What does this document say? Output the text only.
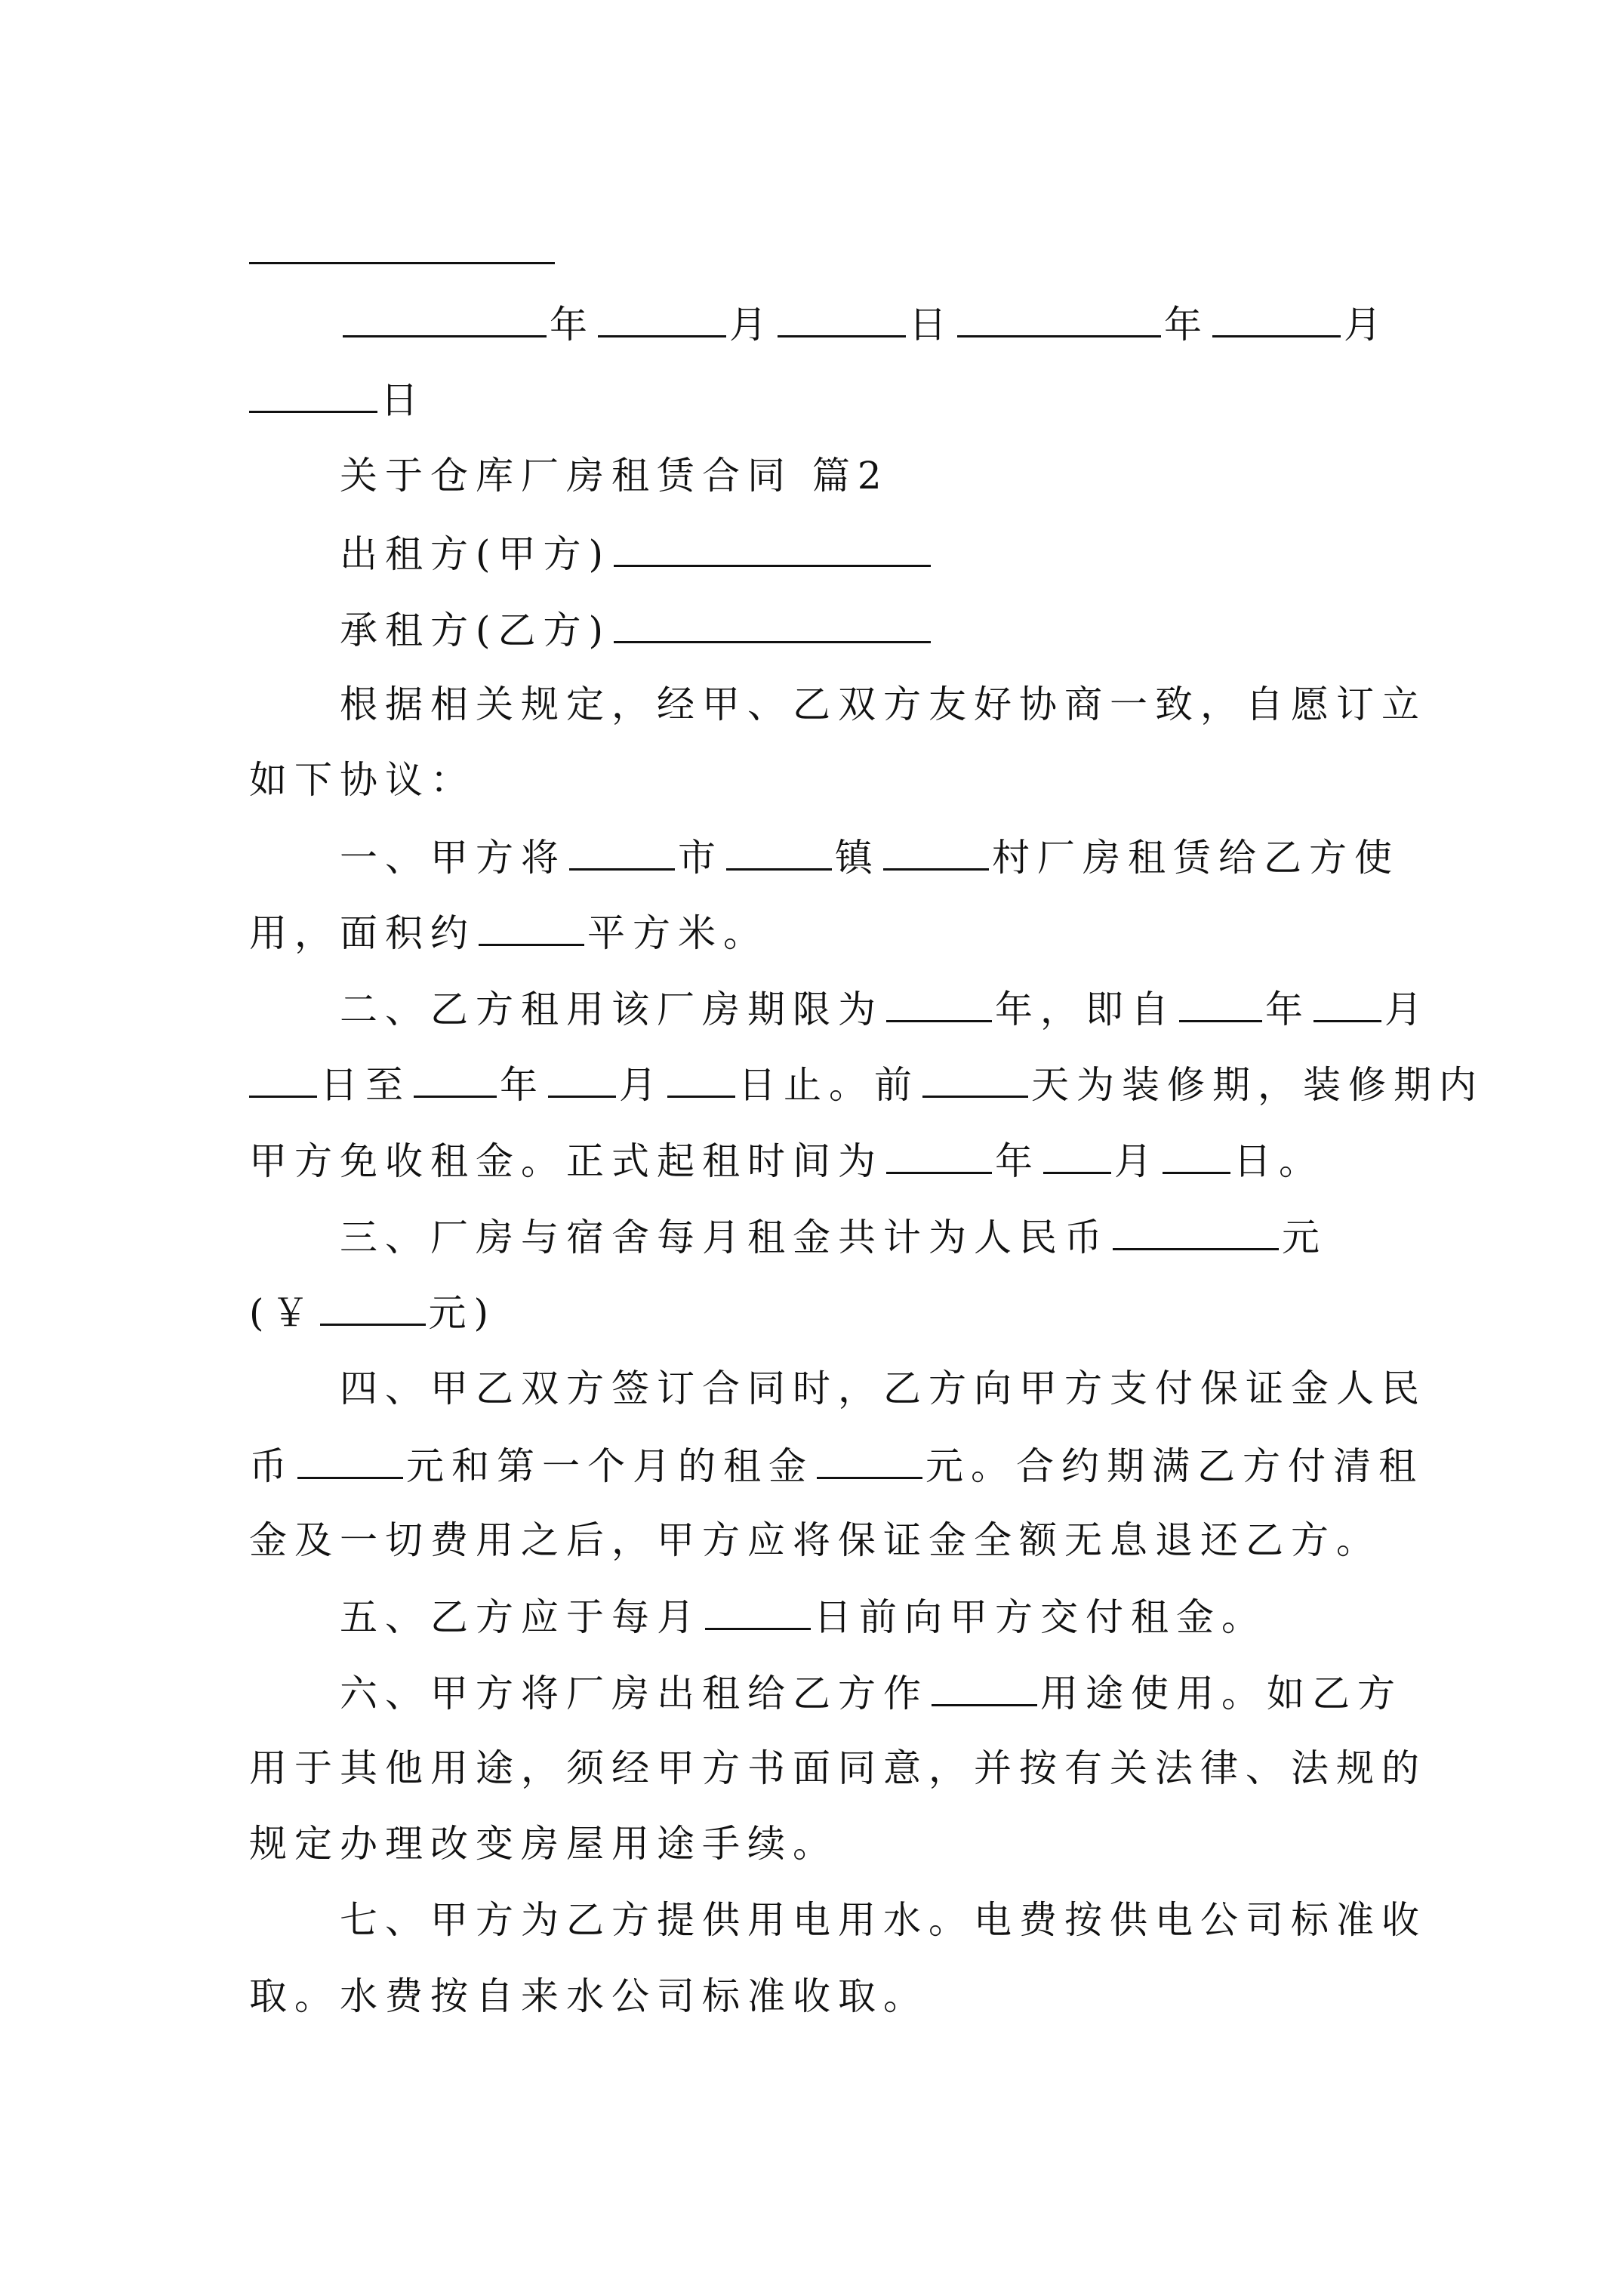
年	月	日	年	月
日
关于仓库厂房租赁合同 篇2
出租方(甲方)
承租方(乙方)
根据相关规定，经甲、乙双方友好协商一致，自愿订立
如下协议：
一、甲方将	市	镇	村厂房租赁给乙方使
用，面积约	平方米。
二、乙方租用该厂房期限为	年，即自 年 月
日至 年 月 日止。前	天为装修期，装修期内
甲方免收租金。正式起租时间为	年 月 日。
三、厂房与宿舍每月租金共计为人民币	元
(￥	元)
四、甲乙双方签订合同时，乙方向甲方支付保证金人民
币	元和第一个月的租金	元。合约期满乙方付清租
金及一切费用之后，甲方应将保证金全额无息退还乙方。
五、乙方应于每月	日前向甲方交付租金。
六、甲方将厂房出租给乙方作	用途使用。如乙方
用于其他用途，须经甲方书面同意，并按有关法律、法规的
规定办理改变房屋用途手续。
七、甲方为乙方提供用电用水。电费按供电公司标准收
取。水费按自来水公司标准收取。
